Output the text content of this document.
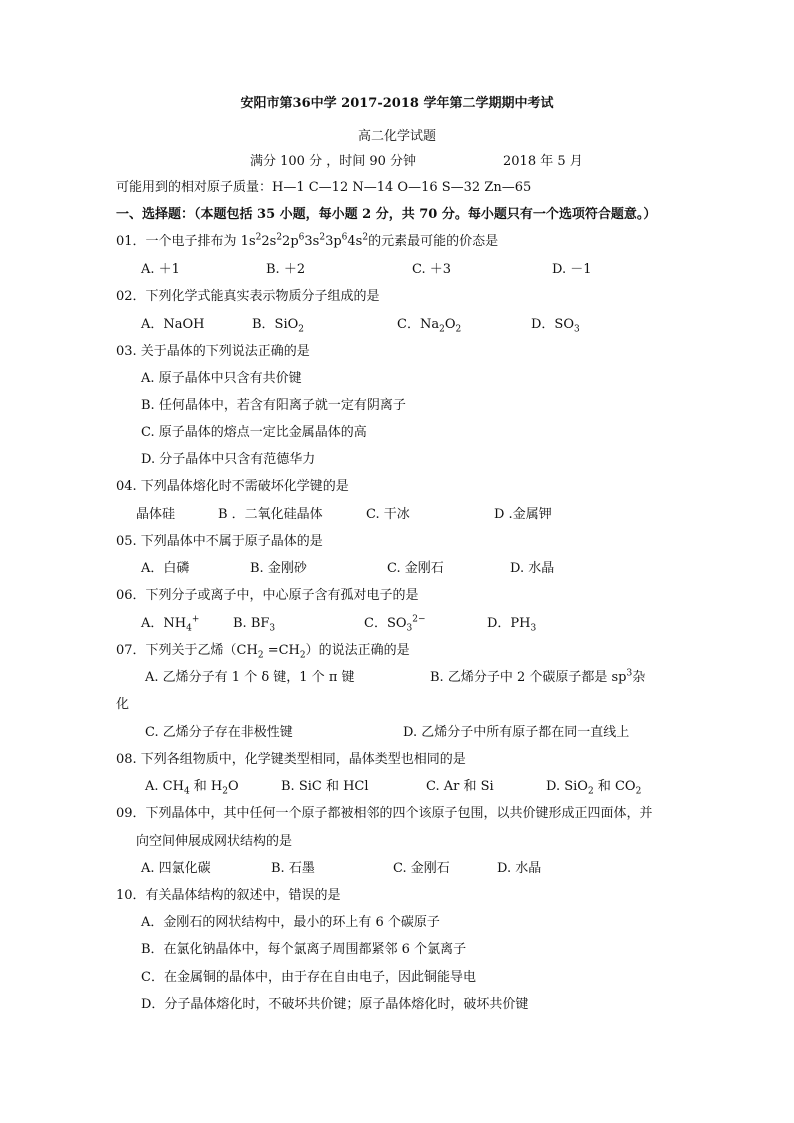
安阳市第36中学 2017-2018 学年第二学期期中考试
高二化学试题
满分 100 分 ，时间 90 分钟	2018 年 5 月
可能用到的相对原子质量：H—1 C—12 N—14 O—16 S—32 Zn—65
一、选择题：（本题包括 35 小题，每小题 2 分，共 70 分。每小题只有一个选项符合题意。）
01．一个电子排布为 $1s^22s^22p^63s^23p^64s^2$的元素最可能的价态是
A. ＋1	B. ＋2	C. ＋3	D. －1
02．下列化学式能真实表示物质分子组成的是
A．NaOH	B．SiO$_2$	C．$Na_2O_2$	D．$SO_3$
03. 关于晶体的下列说法正确的是
A. 原子晶体中只含有共价键
B. 任何晶体中，若含有阳离子就一定有阴离子
C. 原子晶体的熔点一定比金属晶体的高
D. 分子晶体中只含有范德华力
04. 下列晶体熔化时不需破坏化学键的是
晶体硅	B ．二氧化硅晶体	C. 干冰	D .金属钾
05. 下列晶体中不属于原子晶体的是
A．白磷	B. 金刚砂	C. 金刚石	D. 水晶
06．下列分子或离子中，中心原子含有孤对电子的是
A．$NH_4^+$	B. $BF_3$	C．$SO_3^{2-}$	D．$PH_3$
07．下列关于乙烯$(CH_2 =CH_2)$的说法正确的是
A. 乙烯分子有 1 个 δ 键，1 个 π 键	B. 乙烯分子中 2 个碳原子都是 $sp^3$杂
化
C. 乙烯分子存在非极性键	D. 乙烯分子中所有原子都在同一直线上
08. 下列各组物质中，化学键类型相同，晶体类型也相同的是
A. $CH_4$ 和 $H_2O$	B. SiC 和 HCl	C. Ar 和 Si	D. SiO$_2$ 和 $CO_2$
09．下列晶体中，其中任何一个原子都被相邻的四个该原子包围，以共价键形成正四面体，并
向空间伸展成网状结构的是
A. 四氯化碳	B. 石墨	C. 金刚石	D. 水晶
10．有关晶体结构的叙述中，错误的是
A．金刚石的网状结构中，最小的环上有 6 个碳原子
B．在氯化钠晶体中，每个氯离子周围都紧邻 6 个氯离子
C．在金属铜的晶体中，由于存在自由电子，因此铜能导电
D．分子晶体熔化时，不破坏共价键；原子晶体熔化时，破坏共价键
